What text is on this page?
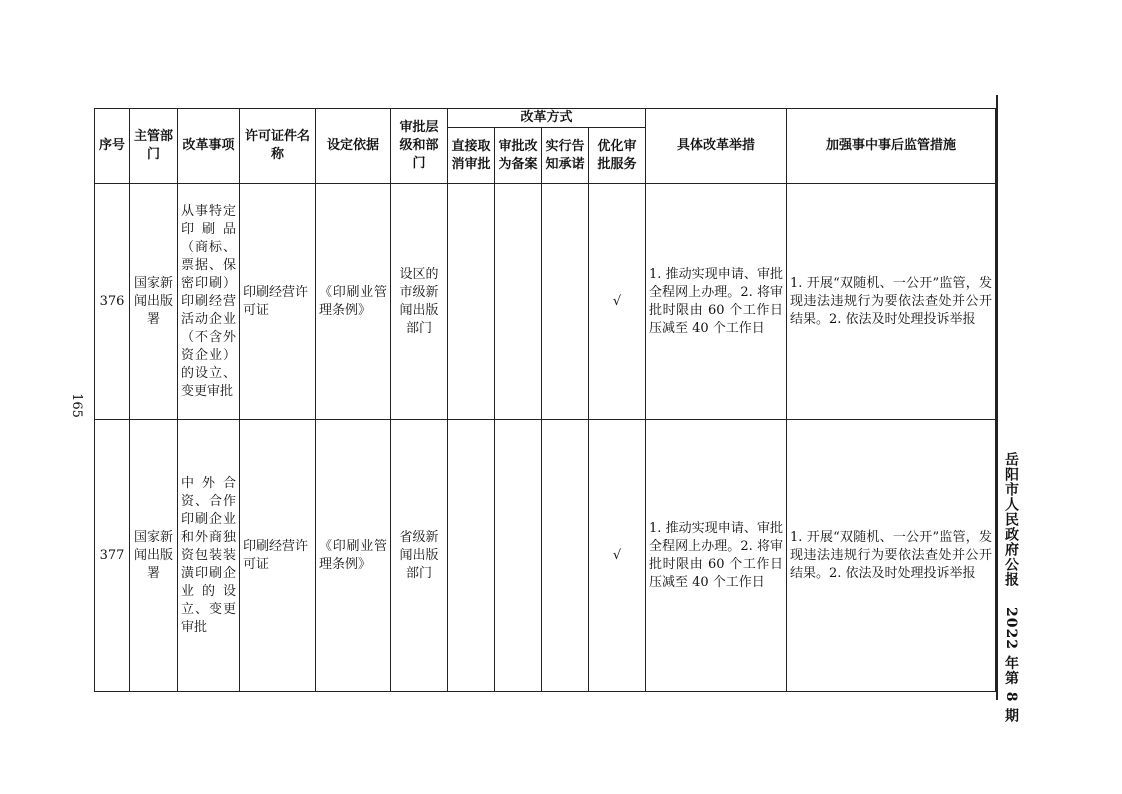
165
岳阳市人民政府公报2022 年第 8 期
序号	主管部门	改革事项	许可证件名称	设定依据	审批层级和部门	改革方式				具体改革举措	加强事中事后监管措施
						直接取消审批	审批改为备案	实行告知承诺	优化审批服务		
376	国家新闻出版署	从事特定印刷品（商标、票据、保密印刷）印刷经营活动企业（不含外资企业）的设立、变更审批	印刷经营许可证	《印刷业管理条例》	设区的市级新闻出版部门				√	1. 推动实现申请、审批全程网上办理。2. 将审批时限由 60 个工作日压减至 40 个工作日	1. 开展“双随机、一公开”监管，发现违法违规行为要依法查处并公开结果。2. 依法及时处理投诉举报
377	国家新闻出版署	中外合资、合作印刷企业和外商独资包装装潢印刷企业的设立、变更审批	印刷经营许可证	《印刷业管理条例》	省级新闻出版部门				√	1. 推动实现申请、审批全程网上办理。2. 将审批时限由 60 个工作日压减至 40 个工作日	1. 开展“双随机、一公开”监管，发现违法违规行为要依法查处并公开结果。2. 依法及时处理投诉举报
